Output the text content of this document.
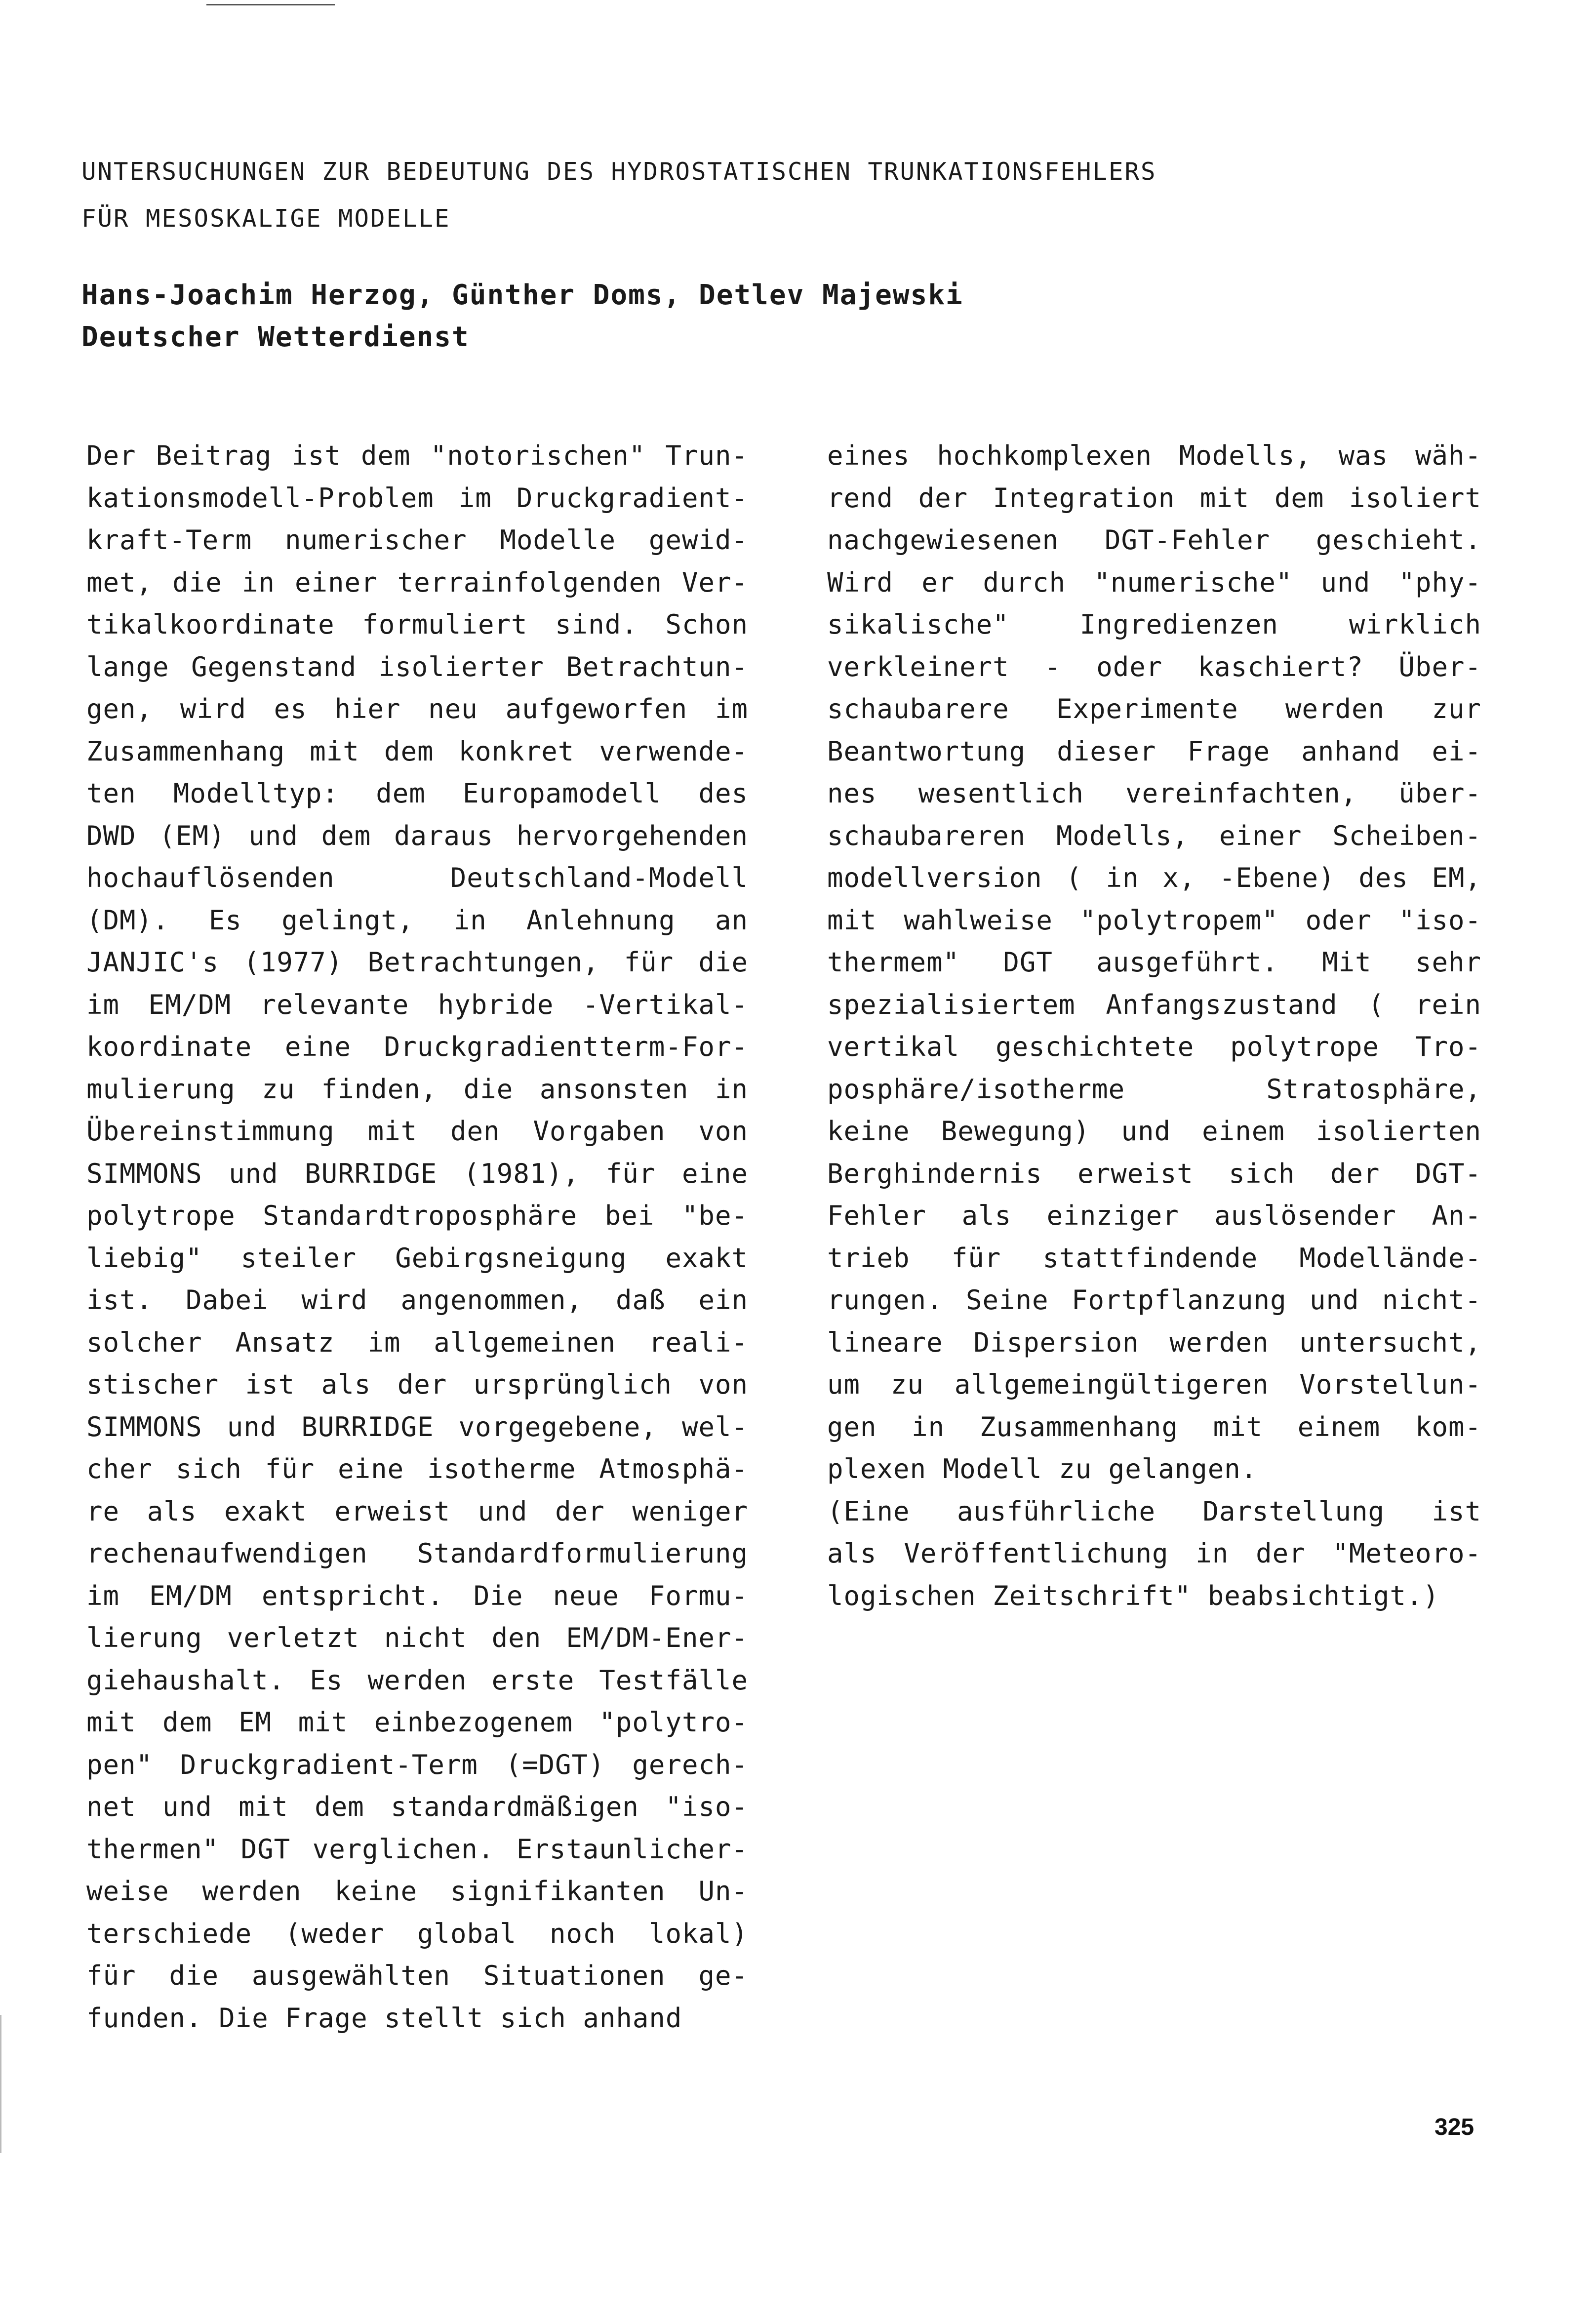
UNTERSUCHUNGEN ZUR BEDEUTUNG DES HYDROSTATISCHEN TRUNKATIONSFEHLERS
FÜR MESOSKALIGE MODELLE
Hans-Joachim Herzog, Günther Doms, Detlev Majewski
Deutscher Wetterdienst
Der Beitrag ist dem "notorischen" Trun-
kationsmodell-Problem im Druckgradient-
kraft-Term numerischer Modelle gewid-
met, die in einer terrainfolgenden Ver-
tikalkoordinate formuliert sind. Schon
lange Gegenstand isolierter Betrachtun-
gen, wird es hier neu aufgeworfen im
Zusammenhang mit dem konkret verwende-
ten Modelltyp: dem Europamodell des
DWD (EM) und dem daraus hervorgehenden
hochauflösenden Deutschland-Modell
(DM). Es gelingt, in Anlehnung an
JANJIC's (1977) Betrachtungen, für die
im EM/DM relevante hybride -Vertikal-
koordinate eine Druckgradientterm-For-
mulierung zu finden, die ansonsten in
Übereinstimmung mit den Vorgaben von
SIMMONS und BURRIDGE (1981), für eine
polytrope Standardtroposphäre bei "be-
liebig" steiler Gebirgsneigung exakt
ist. Dabei wird angenommen, daß ein
solcher Ansatz im allgemeinen reali-
stischer ist als der ursprünglich von
SIMMONS und BURRIDGE vorgegebene, wel-
cher sich für eine isotherme Atmosphä-
re als exakt erweist und der weniger
rechenaufwendigen Standardformulierung
im EM/DM entspricht. Die neue Formu-
lierung verletzt nicht den EM/DM-Ener-
giehaushalt. Es werden erste Testfälle
mit dem EM mit einbezogenem "polytro-
pen" Druckgradient-Term (=DGT) gerech-
net und mit dem standardmäßigen "iso-
thermen" DGT verglichen. Erstaunlicher-
weise werden keine signifikanten Un-
terschiede (weder global noch lokal)
für die ausgewählten Situationen ge-
funden. Die Frage stellt sich anhand
eines hochkomplexen Modells, was wäh-
rend der Integration mit dem isoliert
nachgewiesenen DGT-Fehler geschieht.
Wird er durch "numerische" und "phy-
sikalische" Ingredienzen wirklich
verkleinert - oder kaschiert? Über-
schaubarere Experimente werden zur
Beantwortung dieser Frage anhand ei-
nes wesentlich vereinfachten, über-
schaubareren Modells, einer Scheiben-
modellversion ( in x, -Ebene) des EM,
mit wahlweise "polytropem" oder "iso-
thermem" DGT ausgeführt. Mit sehr
spezialisiertem Anfangszustand ( rein
vertikal geschichtete polytrope Tro-
posphäre/isotherme Stratosphäre,
keine Bewegung) und einem isolierten
Berghindernis erweist sich der DGT-
Fehler als einziger auslösender An-
trieb für stattfindende Modellände-
rungen. Seine Fortpflanzung und nicht-
lineare Dispersion werden untersucht,
um zu allgemeingültigeren Vorstellun-
gen in Zusammenhang mit einem kom-
plexen Modell zu gelangen.
(Eine ausführliche Darstellung ist
als Veröffentlichung in der "Meteoro-
logischen Zeitschrift" beabsichtigt.)
325
